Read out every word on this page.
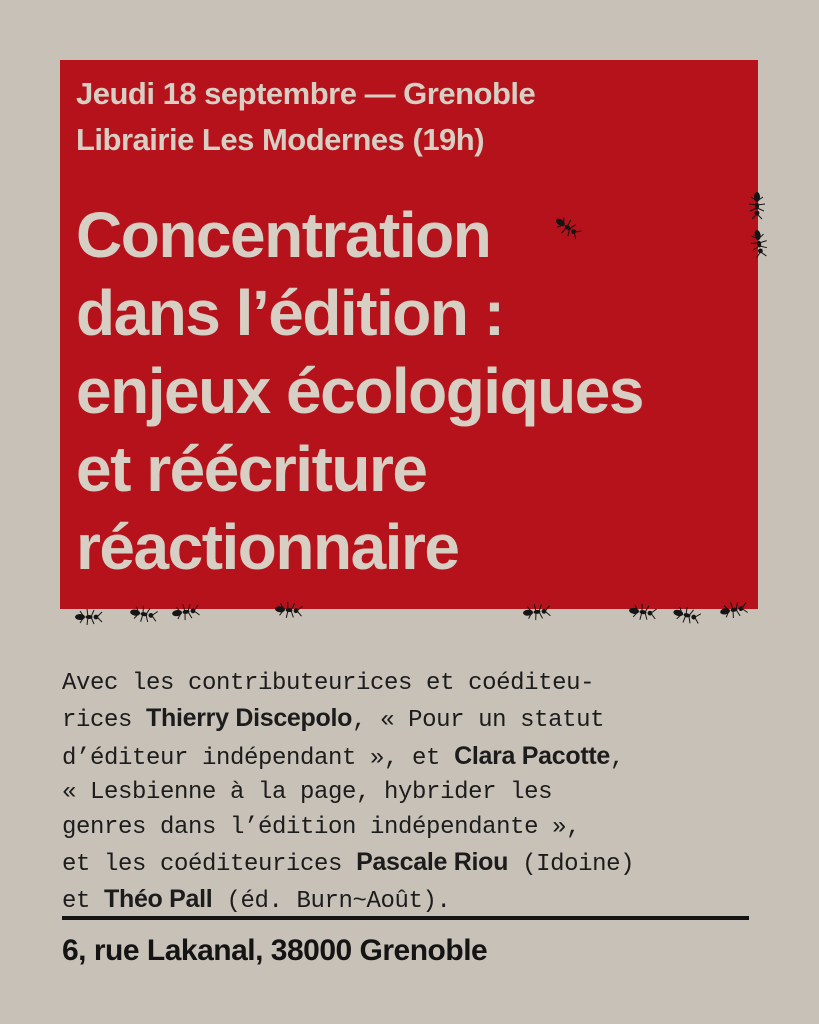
Jeudi 18 septembre — Grenoble

Librairie Les Modernes (19h)

Concentration
dans l’édition :
enjeux écologiques
et réécriture
réactionnaire
Avec les contributeurices et coéditeu-
rices Thierry Discepolo, « Pour un statut
d’éditeur indépendant », et Clara Pacotte,
« Lesbienne à la page, hybrider les
genres dans l’édition indépendante »,
et les coéditeurices Pascale Riou (Idoine)
et Théo Pall (éd. Burn~Août).

6, rue Lakanal, 38000 Grenoble
